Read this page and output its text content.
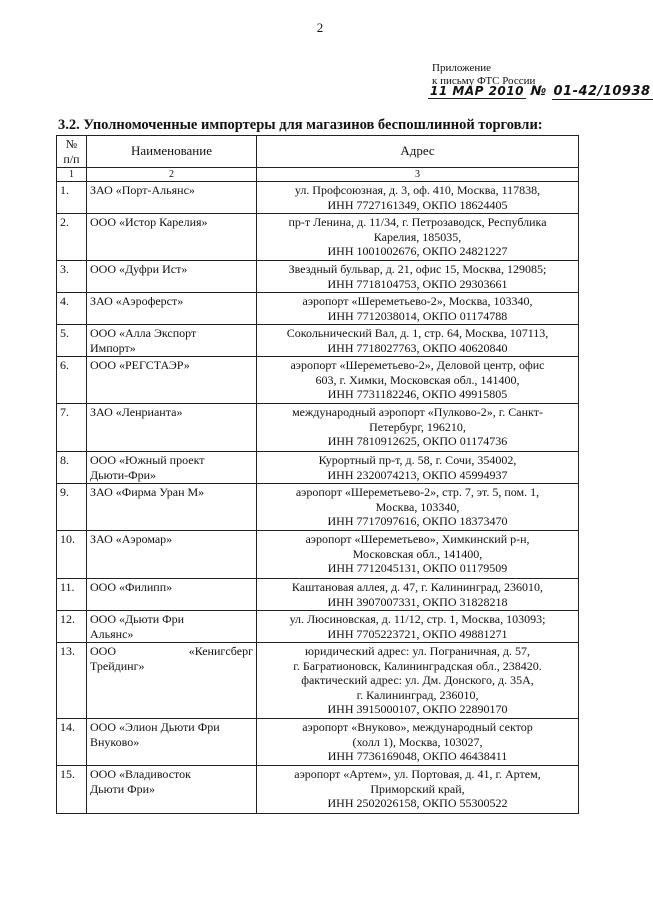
2
Приложение
к письму ФТС России
11 МАР 2010 № 01-42/10938
3.2. Уполномоченные импортеры для магазинов беспошлинной торговли:
№
п/п	Наименование	Адрес
1	2	3
1.	ЗАО «Порт-Альянс»	ул. Профсоюзная, д. 3, оф. 410, Москва, 117838,
ИНН 7727161349, ОКПО 18624405

2.	ООО «Истор Карелия»	пр-т Ленина, д. 11/34, г. Петрозаводск, Республика
Карелия, 185035,
ИНН 1001002676, ОКПО 24821227

3.	ООО «Дуфри Ист»	Звездный бульвар, д. 21, офис 15, Москва, 129085;
ИНН 7718104753, ОКПО 29303661

4.	ЗАО «Аэроферст»	аэропорт «Шереметьево-2», Москва, 103340,
ИНН 7712038014, ОКПО 01174788

5.	ООО «Алла Экспорт
Импорт»	Сокольнический Вал, д. 1, стр. 64, Москва, 107113,
ИНН 7718027763, ОКПО 40620840

6.	ООО «РЕГСТАЭР»	аэропорт «Шереметьево-2», Деловой центр, офис
603, г. Химки, Московская обл., 141400,
ИНН 7731182246, ОКПО 49915805

7.	ЗАО «Ленрианта»	международный аэропорт «Пулково-2», г. Санкт-
Петербург, 196210,
ИНН 7810912625, ОКПО 01174736

8.	ООО «Южный проект
Дьюти-Фри»	Курортный пр-т, д. 58, г. Сочи, 354002,
ИНН 2320074213, ОКПО 45994937

9.	ЗАО «Фирма Уран М»	аэропорт «Шереметьево-2», стр. 7, эт. 5, пом. 1,
Москва, 103340,
ИНН 7717097616, ОКПО 18373470

10.	ЗАО «Аэромар»	аэропорт «Шереметьево», Химкинский р-н,
Московская обл., 141400,
ИНН 7712045131, ОКПО 01179509

11.	ООО «Филипп»	Каштановая аллея, д. 47, г. Калининград, 236010,
ИНН 3907007331, ОКПО 31828218

12.	ООО «Дьюти Фри
Альянс»	ул. Люсиновская, д. 11/12, стр. 1, Москва, 103093;
ИНН 7705223721, ОКПО 49881271

13.	ООО «Кенигсберг
Трейдинг»	юридический адрес: ул. Пограничная, д. 57,
г. Багратионовск, Калининградская обл., 238420.
фактический адрес: ул. Дм. Донского, д. 35А,
г. Калининград, 236010,
ИНН 3915000107, ОКПО 22890170

14.	ООО «Элион Дьюти Фри
Внуково»	аэропорт «Внуково», международный сектор
(холл 1), Москва, 103027,
ИНН 7736169048, ОКПО 46438411

15.	ООО «Владивосток
Дьюти Фри»	аэропорт «Артем», ул. Портовая, д. 41, г. Артем,
Приморский край,
ИНН 2502026158, ОКПО 55300522
